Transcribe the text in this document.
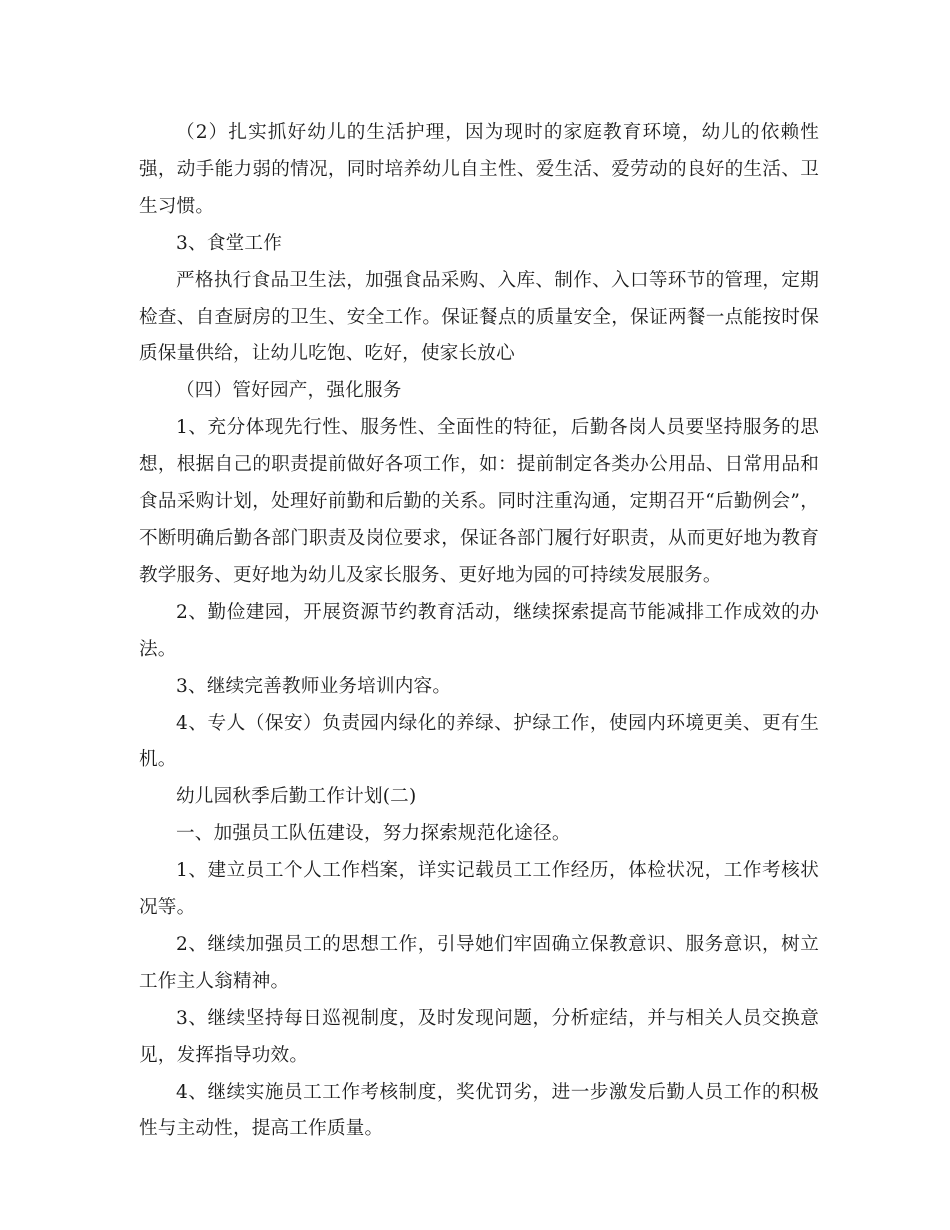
（2）扎实抓好幼儿的生活护理，因为现时的家庭教育环境，幼儿的依赖性强，动手能力弱的情况，同时培养幼儿自主性、爱生活、爱劳动的良好的生活、卫生习惯。

3、食堂工作

严格执行食品卫生法，加强食品采购、入库、制作、入口等环节的管理，定期检查、自查厨房的卫生、安全工作。保证餐点的质量安全，保证两餐一点能按时保质保量供给，让幼儿吃饱、吃好，使家长放心

（四）管好园产，强化服务

1、充分体现先行性、服务性、全面性的特征，后勤各岗人员要坚持服务的思想，根据自己的职责提前做好各项工作，如：提前制定各类办公用品、日常用品和食品采购计划，处理好前勤和后勤的关系。同时注重沟通，定期召开“后勤例会”，不断明确后勤各部门职责及岗位要求，保证各部门履行好职责，从而更好地为教育教学服务、更好地为幼儿及家长服务、更好地为园的可持续发展服务。

2、勤俭建园，开展资源节约教育活动，继续探索提高节能减排工作成效的办法。

3、继续完善教师业务培训内容。

4、专人（保安）负责园内绿化的养绿、护绿工作，使园内环境更美、更有生机。

幼儿园秋季后勤工作计划(二)

一、加强员工队伍建设，努力探索规范化途径。

1、建立员工个人工作档案，详实记载员工工作经历，体检状况，工作考核状况等。

2、继续加强员工的思想工作，引导她们牢固确立保教意识、服务意识，树立工作主人翁精神。

3、继续坚持每日巡视制度，及时发现问题，分析症结，并与相关人员交换意见，发挥指导功效。

4、继续实施员工工作考核制度，奖优罚劣，进一步激发后勤人员工作的积极性与主动性，提高工作质量。
